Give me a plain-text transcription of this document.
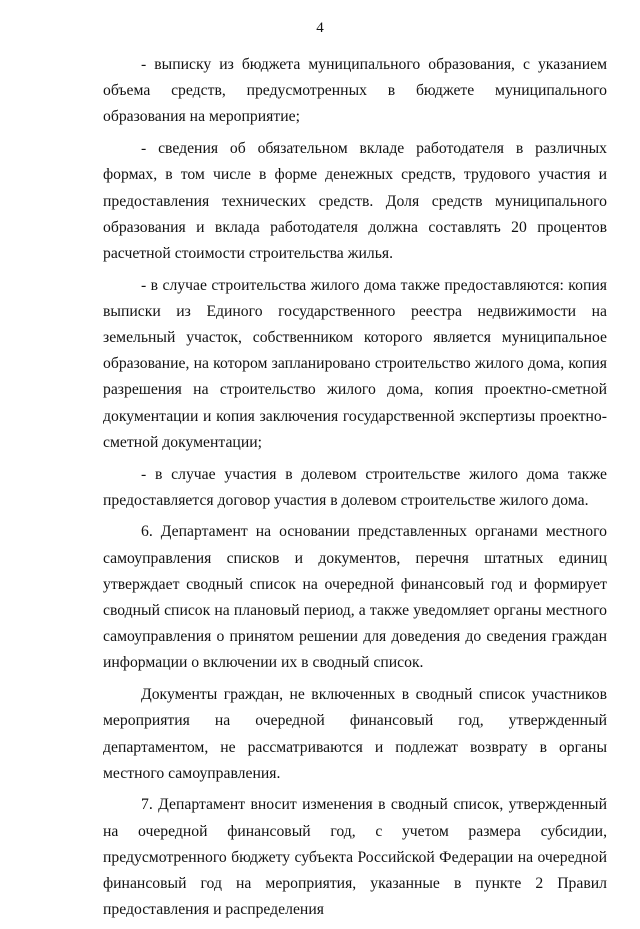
4

- выписку из бюджета муниципального образования, с указанием объема средств, предусмотренных в бюджете муниципального образования на мероприятие;

- сведения об обязательном вкладе работодателя в различных формах, в том числе в форме денежных средств, трудового участия и предоставления технических средств. Доля средств муниципального образования и вклада работодателя должна составлять 20 процентов расчетной стоимости строительства жилья.

- в случае строительства жилого дома также предоставляются: копия выписки из Единого государственного реестра недвижимости на земельный участок, собственником которого является муниципальное образование, на котором запланировано строительство жилого дома, копия разрешения на строительство жилого дома, копия проектно-сметной документации и копия заключения государственной экспертизы проектно-сметной документации;

- в случае участия в долевом строительстве жилого дома также предоставляется договор участия в долевом строительстве жилого дома.

6. Департамент на основании представленных органами местного самоуправления списков и документов, перечня штатных единиц утверждает сводный список на очередной финансовый год и формирует сводный список на плановый период, а также уведомляет органы местного самоуправления о принятом решении для доведения до сведения граждан информации о включении их в сводный список.

Документы граждан, не включенных в сводный список участников мероприятия на очередной финансовый год, утвержденный департаментом, не рассматриваются и подлежат возврату в органы местного самоуправления.

7. Департамент вносит изменения в сводный список, утвержденный на очередной финансовый год, с учетом размера субсидии, предусмотренного бюджету субъекта Российской Федерации на очередной финансовый год на мероприятия, указанные в пункте 2 Правил предоставления и распределения
